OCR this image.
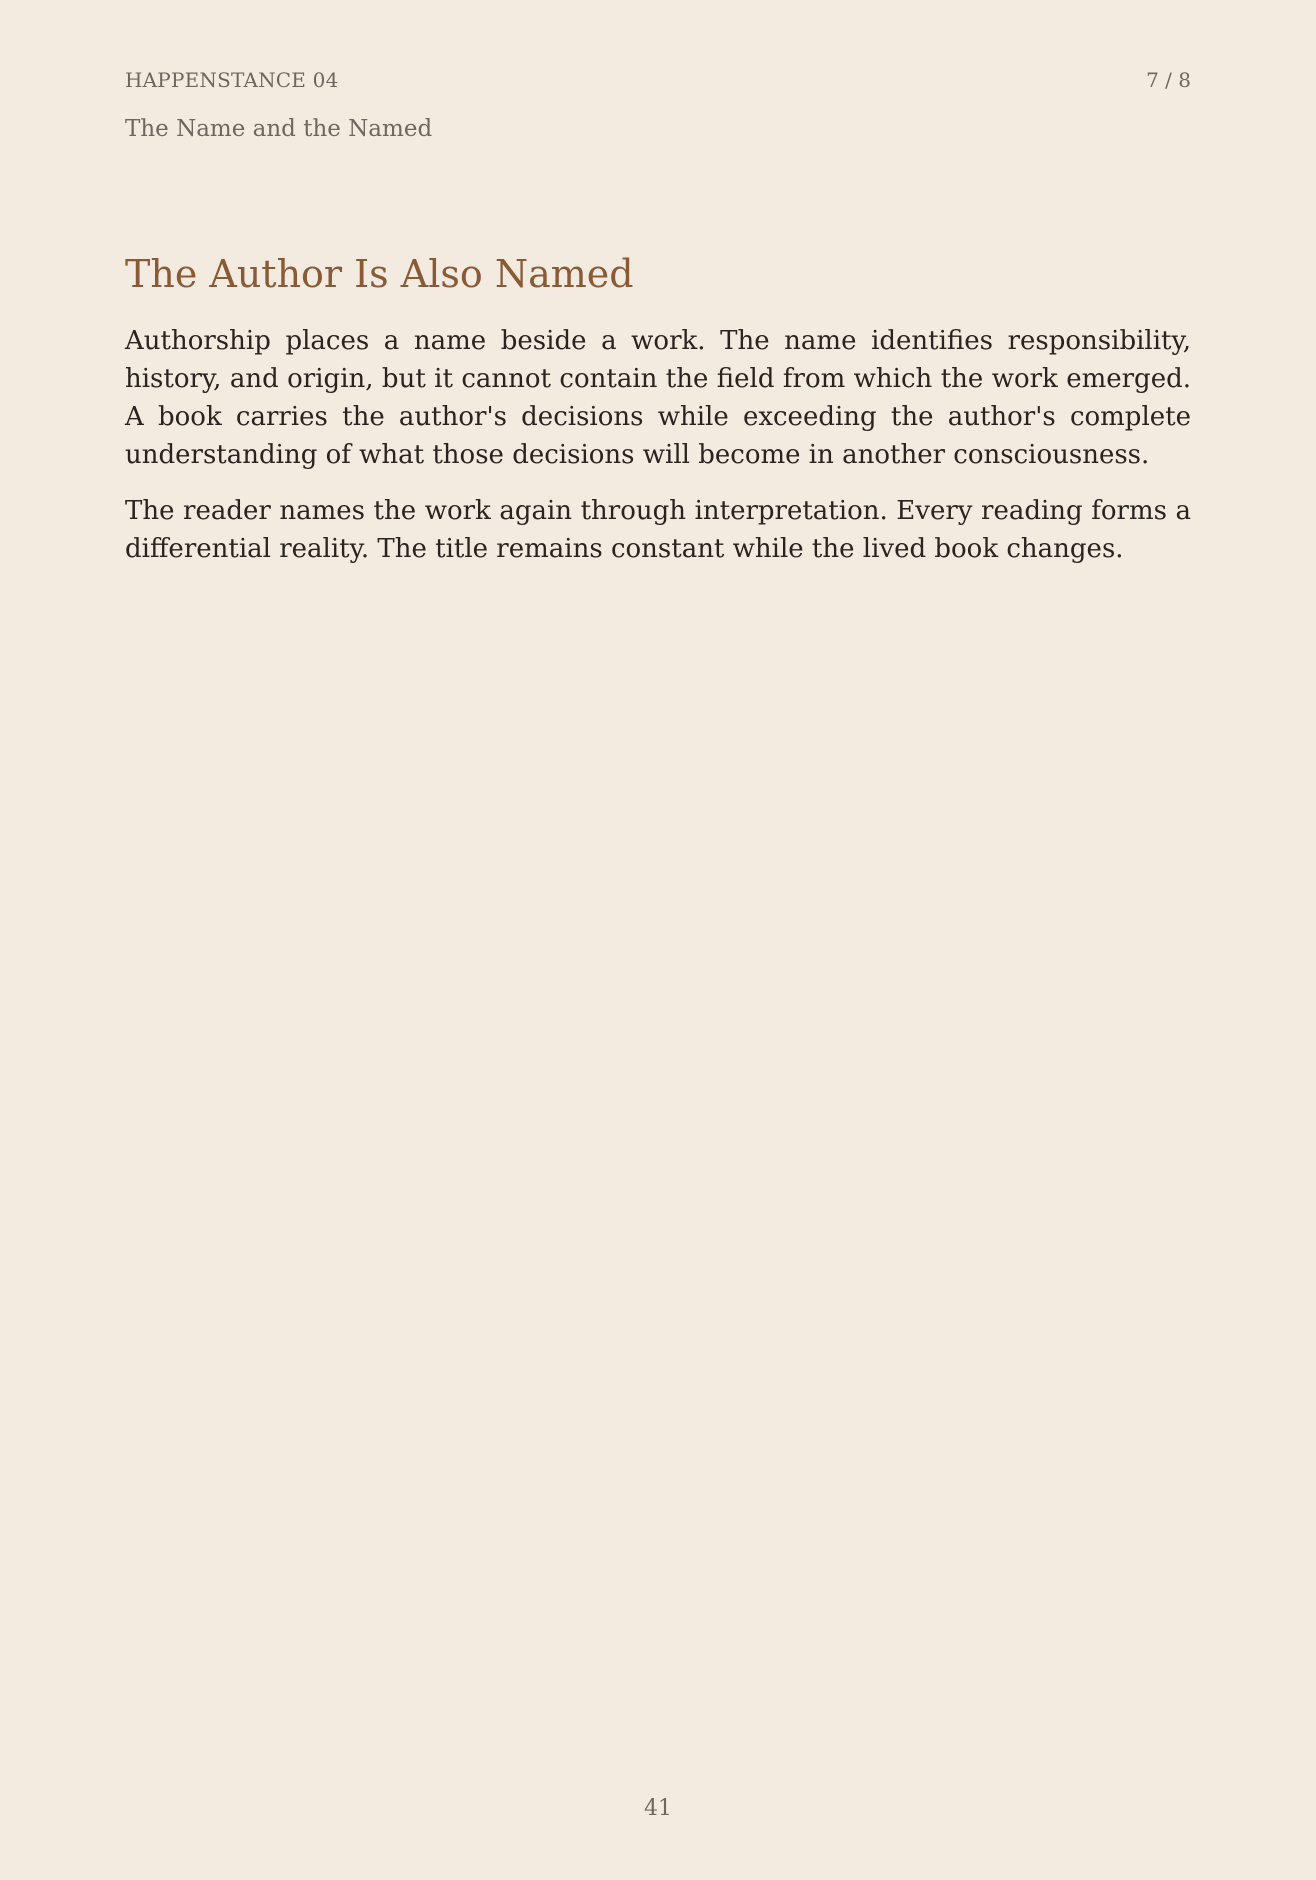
HAPPENSTANCE 04	7 / 8
The Name and the Named
The Author Is Also Named

Authorship places a name beside a work. The name identifies responsibility, history, and origin, but it cannot contain the field from which the work emerged. A book carries the author's decisions while exceeding the author's complete understanding of what those decisions will become in another consciousness.

The reader names the work again through interpretation. Every reading forms a differential reality. The title remains constant while the lived book changes.

41
